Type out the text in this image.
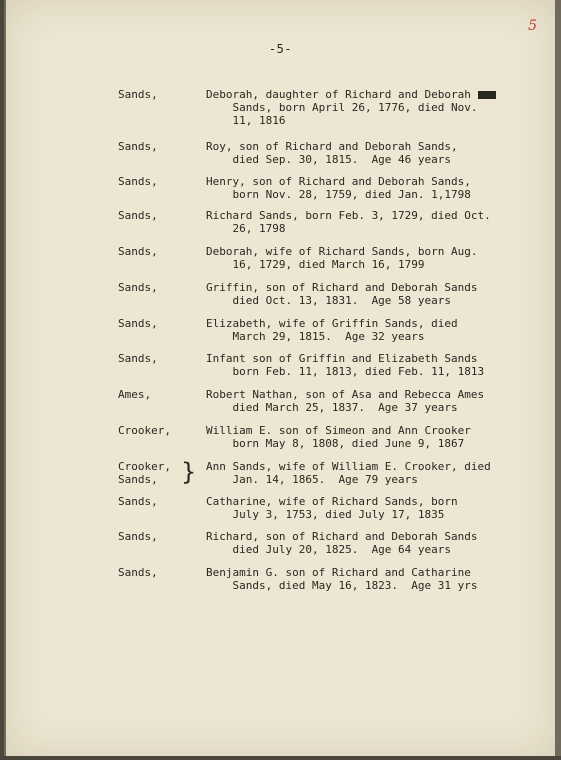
5
-5-
Sands,	Deborah, daughter of Richard and Deborah
Sands, born April 26, 1776, died Nov.
11, 1816
Sands,	Roy, son of Richard and Deborah Sands,
died Sep. 30, 1815.  Age 46 years
Sands,	Henry, son of Richard and Deborah Sands,
born Nov. 28, 1759, died Jan. 1,1798
Sands,	Richard Sands, born Feb. 3, 1729, died Oct.
26, 1798
Sands,	Deborah, wife of Richard Sands, born Aug.
16, 1729, died March 16, 1799
Sands,	Griffin, son of Richard and Deborah Sands
died Oct. 13, 1831.  Age 58 years
Sands,	Elizabeth, wife of Griffin Sands, died
March 29, 1815.  Age 32 years
Sands,	Infant son of Griffin and Elizabeth Sands
born Feb. 11, 1813, died Feb. 11, 1813
Ames,	Robert Nathan, son of Asa and Rebecca Ames
died March 25, 1837.  Age 37 years
Crooker,	William E. son of Simeon and Ann Crooker
born May 8, 1808, died June 9, 1867
Crooker,
Sands, } Ann Sands, wife of William E. Crooker, died
Jan. 14, 1865.  Age 79 years
Sands,	Catharine, wife of Richard Sands, born
July 3, 1753, died July 17, 1835
Sands,	Richard, son of Richard and Deborah Sands
died July 20, 1825.  Age 64 years
Sands,	Benjamin G. son of Richard and Catharine
Sands, died May 16, 1823.  Age 31 yrs
